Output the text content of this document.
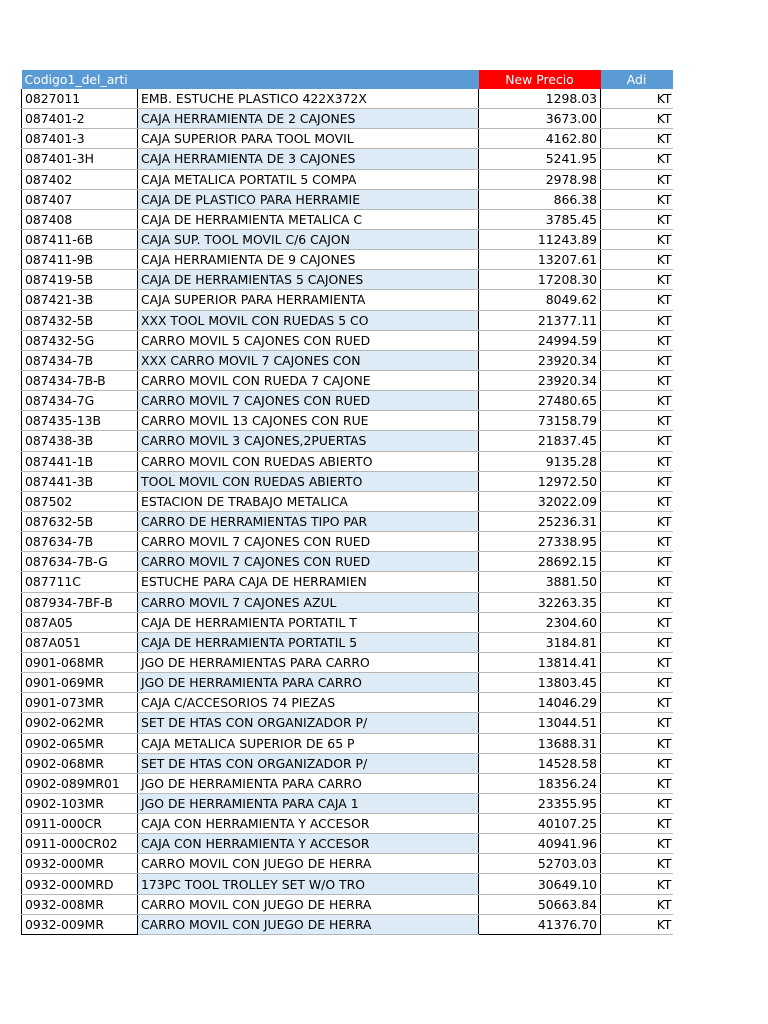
Codigo1_del_arti		New Precio	Adi
0827011	EMB. ESTUCHE PLASTICO 422X372X	1298.03	KT
087401-2	CAJA HERRAMIENTA DE 2 CAJONES	3673.00	KT
087401-3	CAJA SUPERIOR PARA TOOL MOVIL	4162.80	KT
087401-3H	CAJA HERRAMIENTA DE 3 CAJONES	5241.95	KT
087402	CAJA METALICA PORTATIL 5 COMPA	2978.98	KT
087407	CAJA DE PLASTICO PARA HERRAMIE	866.38	KT
087408	CAJA DE HERRAMIENTA METALICA C	3785.45	KT
087411-6B	CAJA SUP. TOOL MOVIL C/6 CAJON	11243.89	KT
087411-9B	CAJA HERRAMIENTA DE 9 CAJONES	13207.61	KT
087419-5B	CAJA DE HERRAMIENTAS 5 CAJONES	17208.30	KT
087421-3B	CAJA SUPERIOR PARA HERRAMIENTA	8049.62	KT
087432-5B	XXX TOOL MOVIL CON RUEDAS 5 CO	21377.11	KT
087432-5G	CARRO MOVIL 5 CAJONES CON RUED	24994.59	KT
087434-7B	XXX CARRO MOVIL 7 CAJONES CON	23920.34	KT
087434-7B-B	CARRO MOVIL CON RUEDA 7 CAJONE	23920.34	KT
087434-7G	CARRO MOVIL 7 CAJONES CON RUED	27480.65	KT
087435-13B	CARRO MOVIL 13 CAJONES CON RUE	73158.79	KT
087438-3B	CARRO MOVIL 3 CAJONES,2PUERTAS	21837.45	KT
087441-1B	CARRO MOVIL CON RUEDAS ABIERTO	9135.28	KT
087441-3B	TOOL MOVIL CON RUEDAS ABIERTO	12972.50	KT
087502	ESTACION DE TRABAJO METALICA	32022.09	KT
087632-5B	CARRO DE HERRAMIENTAS TIPO PAR	25236.31	KT
087634-7B	CARRO MOVIL 7 CAJONES CON RUED	27338.95	KT
087634-7B-G	CARRO MOVIL 7 CAJONES CON RUED	28692.15	KT
087711C	ESTUCHE PARA CAJA DE HERRAMIEN	3881.50	KT
087934-7BF-B	CARRO MOVIL 7 CAJONES AZUL	32263.35	KT
087A05	CAJA DE HERRAMIENTA PORTATIL T	2304.60	KT
087A051	CAJA DE HERRAMIENTA PORTATIL 5	3184.81	KT
0901-068MR	JGO DE HERRAMIENTAS PARA CARRO	13814.41	KT
0901-069MR	JGO DE HERRAMIENTA PARA CARRO	13803.45	KT
0901-073MR	CAJA C/ACCESORIOS 74 PIEZAS	14046.29	KT
0902-062MR	SET DE HTAS CON ORGANIZADOR P/	13044.51	KT
0902-065MR	CAJA METALICA SUPERIOR DE 65 P	13688.31	KT
0902-068MR	SET DE HTAS CON ORGANIZADOR P/	14528.58	KT
0902-089MR01	JGO DE HERRAMIENTA PARA CARRO	18356.24	KT
0902-103MR	JGO DE HERRAMIENTA PARA CAJA 1	23355.95	KT
0911-000CR	CAJA CON HERRAMIENTA Y ACCESOR	40107.25	KT
0911-000CR02	CAJA CON HERRAMIENTA Y ACCESOR	40941.96	KT
0932-000MR	CARRO MOVIL CON JUEGO DE HERRA	52703.03	KT
0932-000MRD	173PC TOOL TROLLEY SET W/O TRO	30649.10	KT
0932-008MR	CARRO MOVIL CON JUEGO DE HERRA	50663.84	KT
0932-009MR	CARRO MOVIL CON JUEGO DE HERRA	41376.70	KT
